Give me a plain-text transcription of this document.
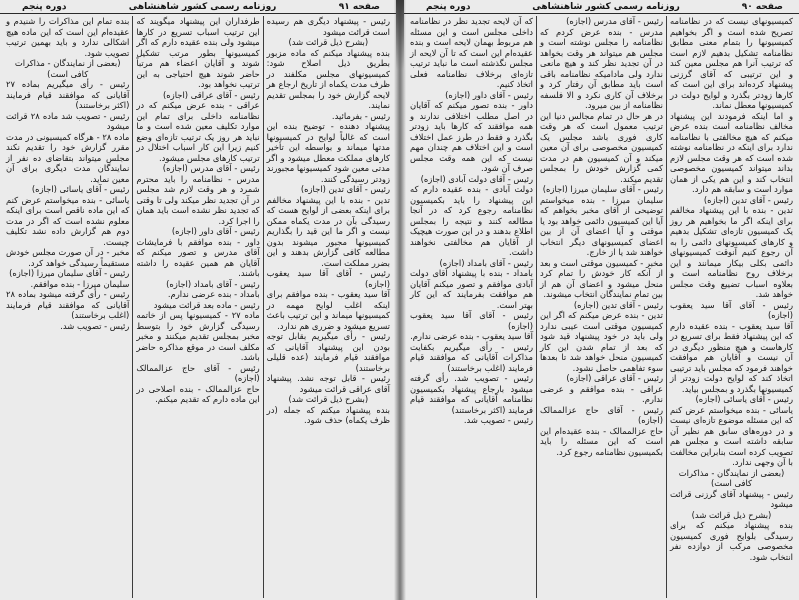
دوره پنجم	روزنامه رسمی کشور شاهنشاهی	صفحه ۹۱

رئیس - پیشنهاد دیگری هم رسیده است قرائت میشود

(بشرح ذیل قرائت شد)

بنده پیشنهاد میکنم که ماده مزبور بطریق ذیل اصلاح شود: کمیسیونهای مجلس مکلفند در ظرف مدت یکماه از تاریخ ارجاع هر لایحه گزارش خود را بمجلس تقدیم نمایند.

رئیس - بفرمائید.

پیشنهاد دهنده - توضیح بنده این است که غالباً لوایح در کمیسیونها مدتها میماند و بواسطه این تأخیر کارهای مملکت معطل میشود و اگر مدتی معین شود کمیسیونها مجبورند زودتر رسیدگی کنند.

رئیس - آقای تدین (اجازه)

تدین - بنده با این پیشنهاد مخالفم برای اینکه بعضی از لوایح هست که رسیدگی بآن در مدت یکماه ممکن نیست و اگر ما این قید را بگذاریم کمیسیونها مجبور میشوند بدون مطالعه کافی گزارش بدهند و این بضرر مملکت است.

رئیس - آقای آقا سید یعقوب (اجازه)

آقا سید یعقوب - بنده موافقم برای اینکه اغلب لوایح مهمه در کمیسیونها میماند و این ترتیب باعث تسریع میشود و ضرری هم ندارد.

رئیس - رأی میگیریم بقابل توجه بودن این پیشنهاد آقایانی که موافقند قیام فرمایند (عده قلیلی برخاستند)

رئیس - قابل توجه نشد. پیشنهاد آقای عراقی قرائت میشود

(بشرح ذیل قرائت شد)

بنده پیشنهاد میکنم که جمله (در ظرف یکماه) حذف شود.

طرفداران این پیشنهاد میگویند که این ترتیب اسباب تسریع در کارها میشود ولی بنده عقیده دارم که اگر کمیسیونها بطور مرتب تشکیل شوند و آقایان اعضاء هم مرتباً حاضر شوند هیچ احتیاجی به این ترتیب نخواهد بود.

رئیس - آقای عراقی (اجازه)

عراقی - بنده عرض میکنم که در نظامنامه داخلی برای تمام این موارد تکلیف معین شده است و ما نباید هر روز یک ترتیب تازه‌ای وضع کنیم زیرا این کار اسباب اختلال در ترتیب کارهای مجلس میشود.

رئیس - آقای مدرس (اجازه)

مدرس - نظامنامه را باید محترم شمرد و هر وقت لازم شد مجلس در آن تجدید نظر میکند ولی تا وقتی که تجدید نظر نشده است باید همان را اجرا کرد.

رئیس - آقای داور (اجازه)

داور - بنده موافقم با فرمایشات آقای مدرس و تصور میکنم که آقایان هم همین عقیده را داشته باشند.

رئیس - آقای بامداد (اجازه)

بامداد - بنده عرضی ندارم.

رئیس - ماده بعد قرائت میشود

ماده ۲۷ - کمیسیونها پس از خاتمه رسیدگی گزارش خود را بتوسط مخبر بمجلس تقدیم میکنند و مخبر مکلف است در موقع مذاکره حاضر باشد.

رئیس - آقای حاج عزالممالک (اجازه)

حاج عزالممالک - بنده اصلاحی در این ماده دارم که تقدیم میکنم.

بنده تمام این مذاکرات را شنیدم و عقیده‌ام این است که این ماده هیچ اشکالی ندارد و باید بهمین ترتیب تصویب شود.

(بعضی از نمایندگان - مذاکرات کافی است)

رئیس - رأی میگیریم بماده ۲۷ آقایانی که موافقند قیام فرمایند (اکثر برخاستند)

رئیس - تصویب شد ماده ۲۸ قرائت میشود

ماده ۲۸ - هرگاه کمیسیونی در مدت مقرر گزارش خود را تقدیم نکند مجلس میتواند بتقاضای ده نفر از نمایندگان مدت دیگری برای آن معین نماید.

رئیس - آقای یاسائی (اجازه)

یاسائی - بنده میخواستم عرض کنم که این ماده ناقص است برای اینکه معلوم نشده است که اگر در مدت دوم هم گزارش داده نشد تکلیف چیست.

مخبر - در آن صورت مجلس خودش مستقیماً رسیدگی خواهد کرد.

رئیس - آقای سلیمان میرزا (اجازه)

سلیمان میرزا - بنده موافقم.

رئیس - رأی گرفته میشود بماده ۲۸ آقایانی که موافقند قیام فرمایند (اغلب برخاستند)

رئیس - تصویب شد.

دوره پنجم	روزنامه رسمی کشور شاهنشاهی	صفحه ۹۰

کمیسیونهای نیست که در نظامنامه تصریح شده است و اگر بخواهیم کمیسیونها را بتمام معنی مطابق نظامنامه تشکیل بدهیم لازم است که ترتیب آنرا هم مجلس معین کند و این ترتیبی که آقای گرزنی پیشنهاد کرده‌اند برای این است که کارها زودتر بگذرد و لوایح دولت در کمیسیونها معطل نماند.

و اما اینکه فرمودند این پیشنهاد مخالف نظامنامه است بنده عرض میکنم که هیچ مخالفتی با نظامنامه ندارد برای اینکه در نظامنامه نوشته شده است که هر وقت مجلس لازم بداند میتواند کمیسیون مخصوصی انتخاب کند و این هم یکی از همان موارد است و سابقه هم دارد.

رئیس - آقای تدین (اجازه)

تدین - بنده با این پیشنهاد مخالفم برای اینکه اگر ما بخواهیم هر روز یک کمیسیون تازه‌ای تشکیل بدهیم و کارهای کمیسیونهای دائمی را به آن رجوع کنیم آنوقت کمیسیونهای دائمی بکلی بیکار میمانند و این برخلاف روح نظامنامه است و بعلاوه اسباب تضییع وقت مجلس خواهد شد.

رئیس - آقای آقا سید یعقوب (اجازه)

آقا سید یعقوب - بنده عقیده دارم که این پیشنهاد فقط برای تسریع در کارهاست و هیچ منظور دیگری در آن نیست و آقایان هم موافقت خواهند فرمود که مجلس باید ترتیبی اتخاذ کند که لوایح دولت زودتر از کمیسیونها بگذرد و بمجلس بیاید.

رئیس - آقای یاسائی (اجازه)

یاسائی - بنده میخواستم عرض کنم که این مسئله موضوع تازه‌ای نیست و در دوره‌های سابق هم نظیر آن سابقه داشته است و مجلس هم تصویب کرده است بنابراین مخالفت با آن وجهی ندارد.

(بعضی از نمایندگان - مذاکرات کافی است)

رئیس - پیشنهاد آقای گرزنی قرائت میشود

(بشرح ذیل قرائت شد)

بنده پیشنهاد میکنم که برای رسیدگی بلوایح فوری کمیسیون مخصوصی مرکب از دوازده نفر انتخاب شود.

رئیس - آقای مدرس (اجازه)

مدرس - بنده عرض کردم که نظامنامه را مجلس نوشته است و مجلس هم میتواند هر وقت بخواهد در آن تجدید نظر کند و هیچ مانعی ندارد ولی مادامیکه نظامنامه باقی است باید مطابق آن رفتار کرد و برخلاف آن کاری نکرد و الا فلسفه نظامنامه از بین میرود.

در هر حال در تمام مجالس دنیا این ترتیب معمول است که هر وقت کاری فوری باشد مجلس یک کمیسیون مخصوصی برای آن معین میکند و آن کمیسیون هم در مدت کمی گزارش خودش را بمجلس تقدیم میکند.

رئیس - آقای سلیمان میرزا (اجازه)

سلیمان میرزا - بنده میخواستم توضیحی از آقای مخبر بخواهم که آیا این کمیسیون دائمی خواهد بود یا موقتی و آیا اعضای آن از بین اعضای کمیسیونهای دیگر انتخاب خواهند شد یا از خارج.

مخبر - کمیسیون موقتی است و بعد از آنکه کار خودش را تمام کرد منحل میشود و اعضای آن هم از بین تمام نمایندگان انتخاب میشوند.

رئیس - آقای تدین (اجازه)

تدین - بنده عرض میکنم که اگر این کمیسیون موقتی است عیبی ندارد ولی باید در خود پیشنهاد قید شود که بعد از تمام شدن این کار کمیسیون منحل خواهد شد تا بعدها سوء تفاهمی حاصل نشود.

رئیس - آقای عراقی (اجازه)

عراقی - بنده موافقم و عرضی ندارم.

رئیس - آقای حاج عزالممالک (اجازه)

حاج عزالممالک - بنده عقیده‌ام این است که این مسئله را باید بکمیسیون نظامنامه رجوع کرد.

که آن لایحه تجدید نظر در نظامنامه داخلی مجلس است و این مسئله هم مربوط بهمان لایحه است و بنده عقیده‌ام این است که تا آن لایحه از مجلس نگذشته است ما نباید ترتیب تازه‌ای برخلاف نظامنامه فعلی اتخاذ کنیم.

رئیس - آقای داور (اجازه)

داور - بنده تصور میکنم که آقایان در اصل مطلب اختلافی ندارند و همه موافقند که کارها باید زودتر بگذرد و فقط در طرز عمل اختلاف است و این اختلاف هم چندان مهم نیست که این همه وقت مجلس صرف آن شود.

رئیس - آقای دولت آبادی (اجازه)

دولت آبادی - بنده عقیده دارم که این پیشنهاد را باید بکمیسیون نظامنامه رجوع کرد که در آنجا مطالعه کنند و نتیجه را بمجلس اطلاع بدهند و در این صورت هیچیک از آقایان هم مخالفتی نخواهند داشت.

رئیس - آقای بامداد (اجازه)

بامداد - بنده با پیشنهاد آقای دولت آبادی موافقم و تصور میکنم آقایان هم موافقت بفرمایند که این کار بهتر است.

رئیس - آقای آقا سید یعقوب (اجازه)

آقا سید یعقوب - بنده عرضی ندارم.

رئیس - رأی میگیریم بکفایت مذاکرات آقایانی که موافقند قیام فرمایند (اغلب برخاستند)

رئیس - تصویب شد. رأی گرفته میشود بارجاع پیشنهاد بکمیسیون نظامنامه آقایانی که موافقند قیام فرمایند (اکثر برخاستند)

رئیس - تصویب شد.
